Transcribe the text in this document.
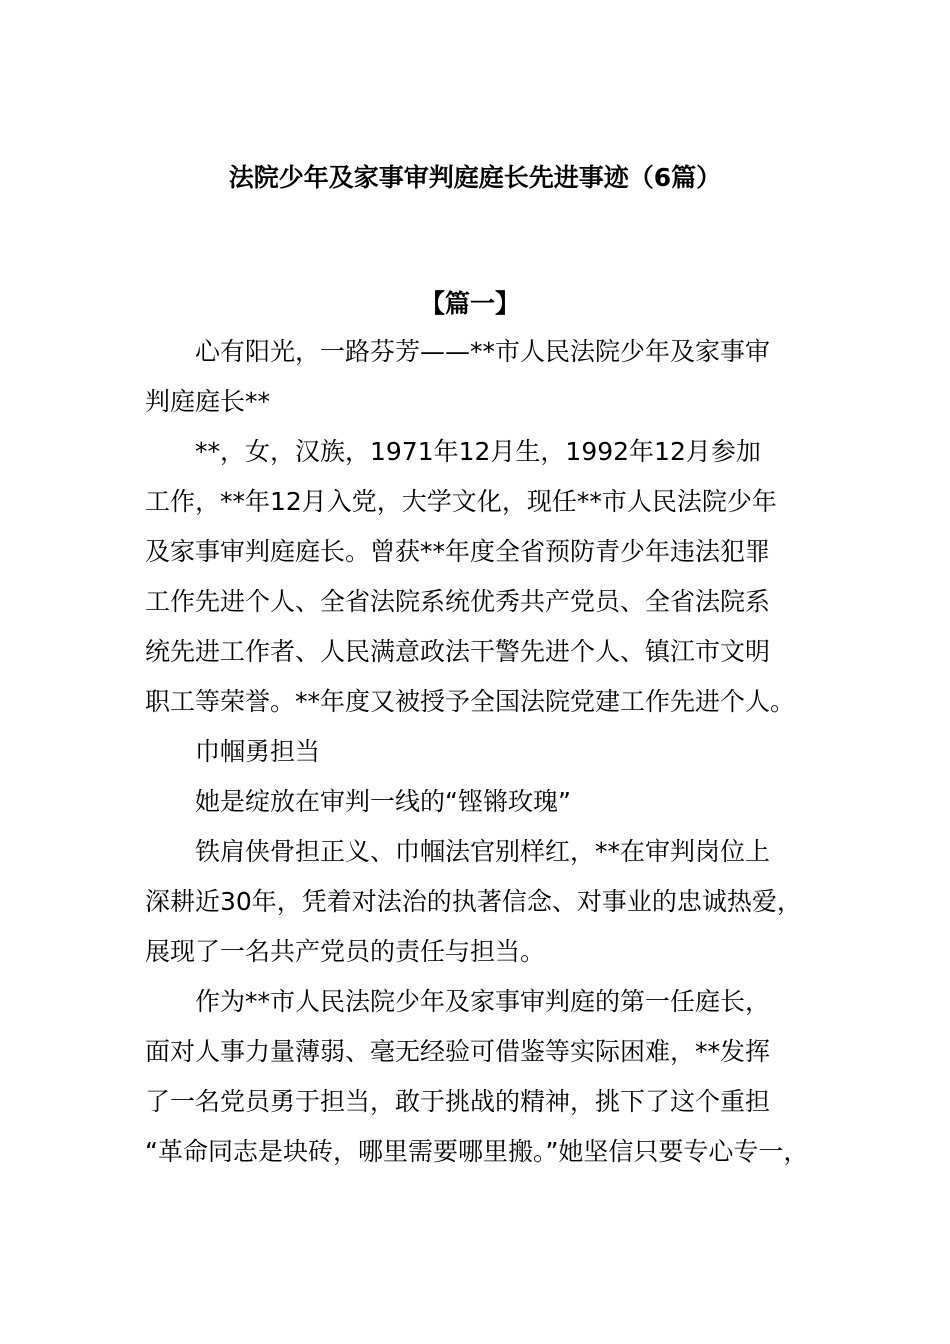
法院少年及家事审判庭庭长先进事迹（6篇）
【篇一】
心有阳光，一路芬芳——**市人民法院少年及家事审
判庭庭长**
**，女，汉族，1971年12月生，1992年12月参加
工作，**年12月入党，大学文化，现任**市人民法院少年
及家事审判庭庭长。曾获**年度全省预防青少年违法犯罪
工作先进个人、全省法院系统优秀共产党员、全省法院系
统先进工作者、人民满意政法干警先进个人、镇江市文明
职工等荣誉。**年度又被授予全国法院党建工作先进个人。
巾帼勇担当
她是绽放在审判一线的“铿锵玫瑰”
铁肩侠骨担正义、巾帼法官别样红，**在审判岗位上
深耕近30年，凭着对法治的执著信念、对事业的忠诚热爱，
展现了一名共产党员的责任与担当。
作为**市人民法院少年及家事审判庭的第一任庭长，
面对人事力量薄弱、毫无经验可借鉴等实际困难，**发挥
了一名党员勇于担当，敢于挑战的精神，挑下了这个重担
“革命同志是块砖，哪里需要哪里搬。”她坚信只要专心专一，
